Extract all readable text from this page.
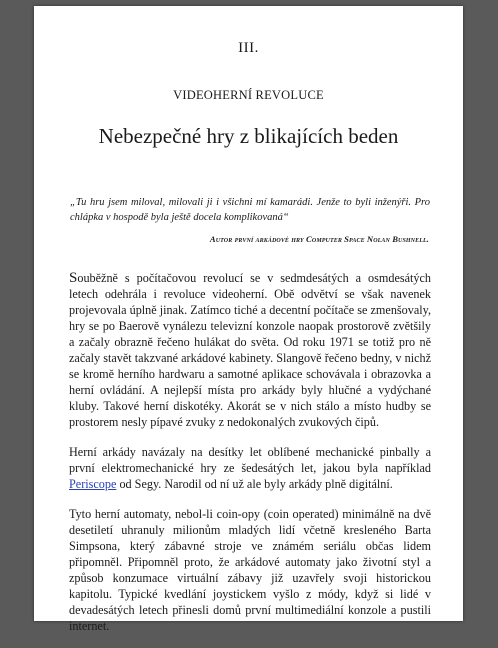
III.
VIDEOHERNÍ REVOLUCE
Nebezpečné hry z blikajících beden
„Tu hru jsem miloval, milovali ji i všichni mí kamarádi. Jenže to byli inženýři. Pro chlápka v hospodě byla ještě docela komplikovaná“
Autor první arkádové hry Computer Space Nolan Bushnell.

Souběžně s počítačovou revolucí se v sedmdesátých a osmdesátých letech odehrála i revoluce videoherní. Obě odvětví se však navenek projevovala úplně jinak. Zatímco tiché a decentní počítače se zmenšovaly, hry se po Baerově vynálezu televizní konzole naopak prostorově zvětšily a začaly obrazně řečeno hulákat do světa. Od roku 1971 se totiž pro ně začaly stavět takzvané arkádové kabinety. Slangově řečeno bedny, v nichž se kromě herního hardwaru a samotné aplikace schovávala i obrazovka a herní ovládání. A nejlepší místa pro arkády byly hlučné a vydýchané kluby. Takové herní diskotéky. Akorát se v nich stálo a místo hudby se prostorem nesly pípavé zvuky z nedokonalých zvukových čipů.

Herní arkády navázaly na desítky let oblíbené mechanické pinbally a první elektromechanické hry ze šedesátých let, jakou byla například Periscope od Segy. Narodil od ní už ale byly arkády plně digitální.

Tyto herní automaty, nebol-li coin-opy (coin operated) minimálně na dvě desetiletí uhranuly milionům mladých lidí včetně kresleného Barta Simpsona, který zábavné stroje ve známém seriálu občas lidem připomněl. Připomněl proto, že arkádové automaty jako životní styl a způsob konzumace virtuální zábavy již uzavřely svoji historickou kapitolu. Typické kvedlání joystickem vyšlo z módy, když si lidé v devadesátých letech přinesli domů první multimediální konzole a pustili internet.
